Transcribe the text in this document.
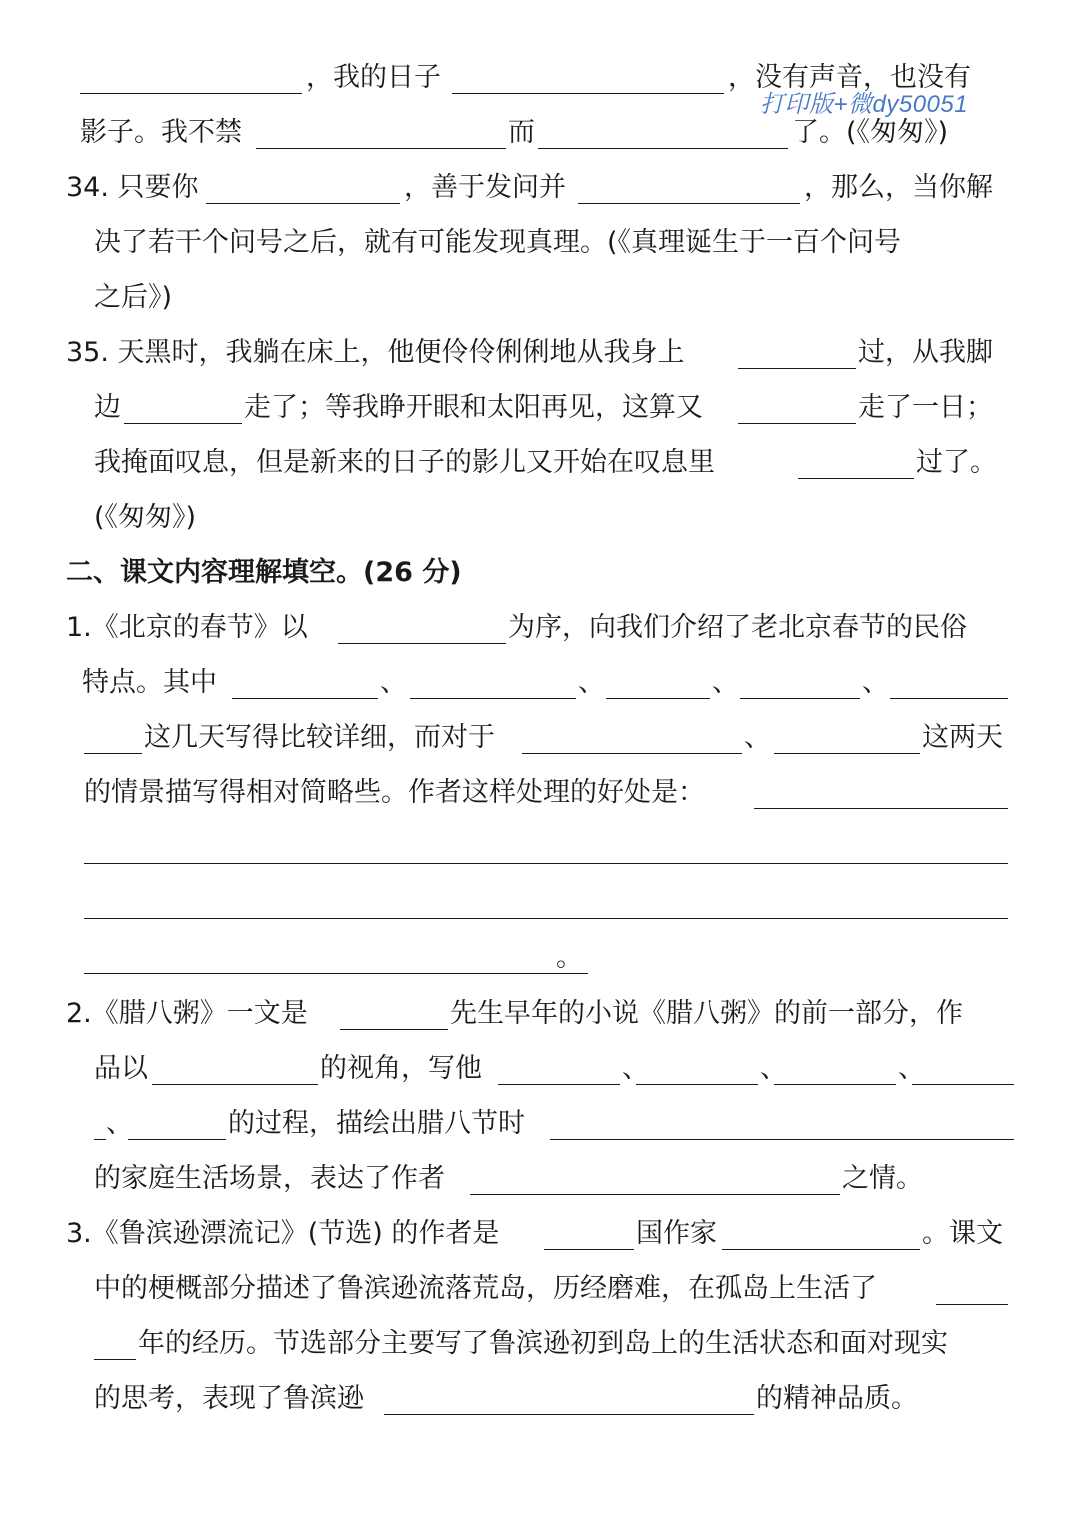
打印版+微dy50051
，我的日子	，没有声音，也没有
影子。我不禁	而	了。(《匆匆》)
34. 只要你	，善于发问并	，那么，当你解
决了若干个问号之后，就有可能发现真理。(《真理诞生于一百个问号
之后》)
35. 天黑时，我躺在床上，他便伶伶俐俐地从我身上	过，从我脚
边	走了；等我睁开眼和太阳再见，这算又	走了一日；
我掩面叹息，但是新来的日子的影儿又开始在叹息里	过了。
(《匆匆》)
二、课文内容理解填空。(26 分)
1.《北京的春节》以	为序，向我们介绍了老北京春节的民俗
特点。其中	、	、	、	、
这几天写得比较详细，而对于	、	这两天
的情景描写得相对简略些。作者这样处理的好处是：
。
2.《腊八粥》一文是	先生早年的小说《腊八粥》的前一部分，作
品以	的视角，写他	、	、	、
、	的过程，描绘出腊八节时
的家庭生活场景，表达了作者	之情。
3.《鲁滨逊漂流记》(节选) 的作者是	国作家	。课文
中的梗概部分描述了鲁滨逊流落荒岛，历经磨难，在孤岛上生活了
年的经历。节选部分主要写了鲁滨逊初到岛上的生活状态和面对现实
的思考，表现了鲁滨逊	的精神品质。
